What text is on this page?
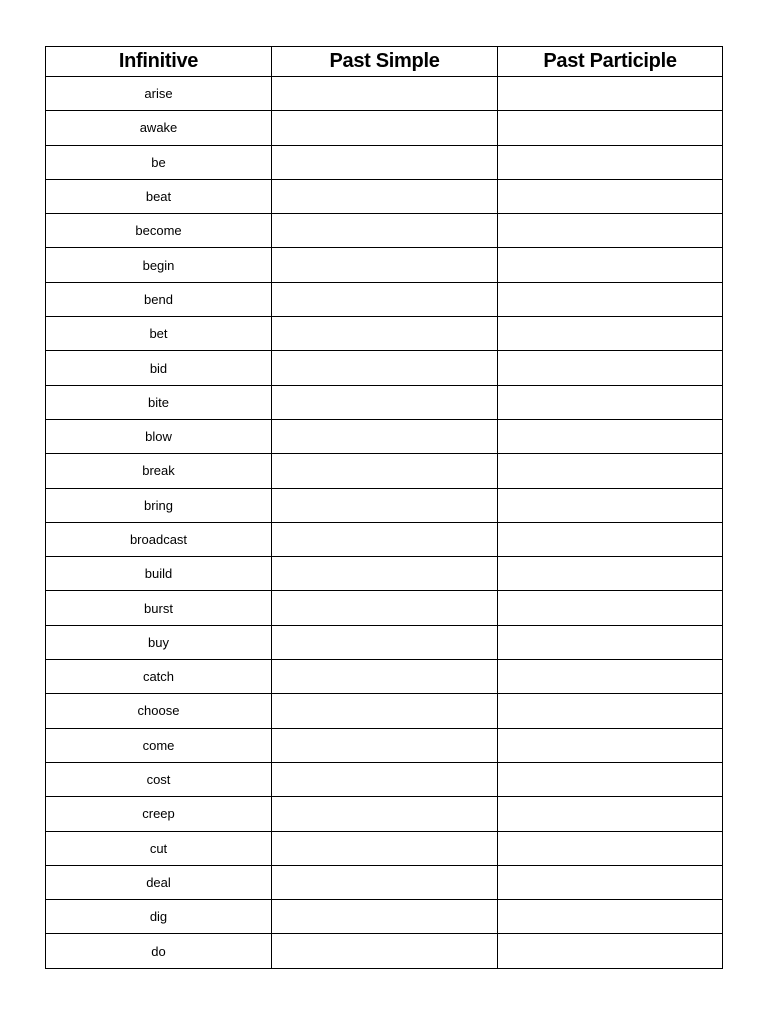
Infinitive	Past Simple	Past Participle
arise		
awake		
be		
beat		
become		
begin		
bend		
bet		
bid		
bite		
blow		
break		
bring		
broadcast		
build		
burst		
buy		
catch		
choose		
come		
cost		
creep		
cut		
deal		
dig		
do		
